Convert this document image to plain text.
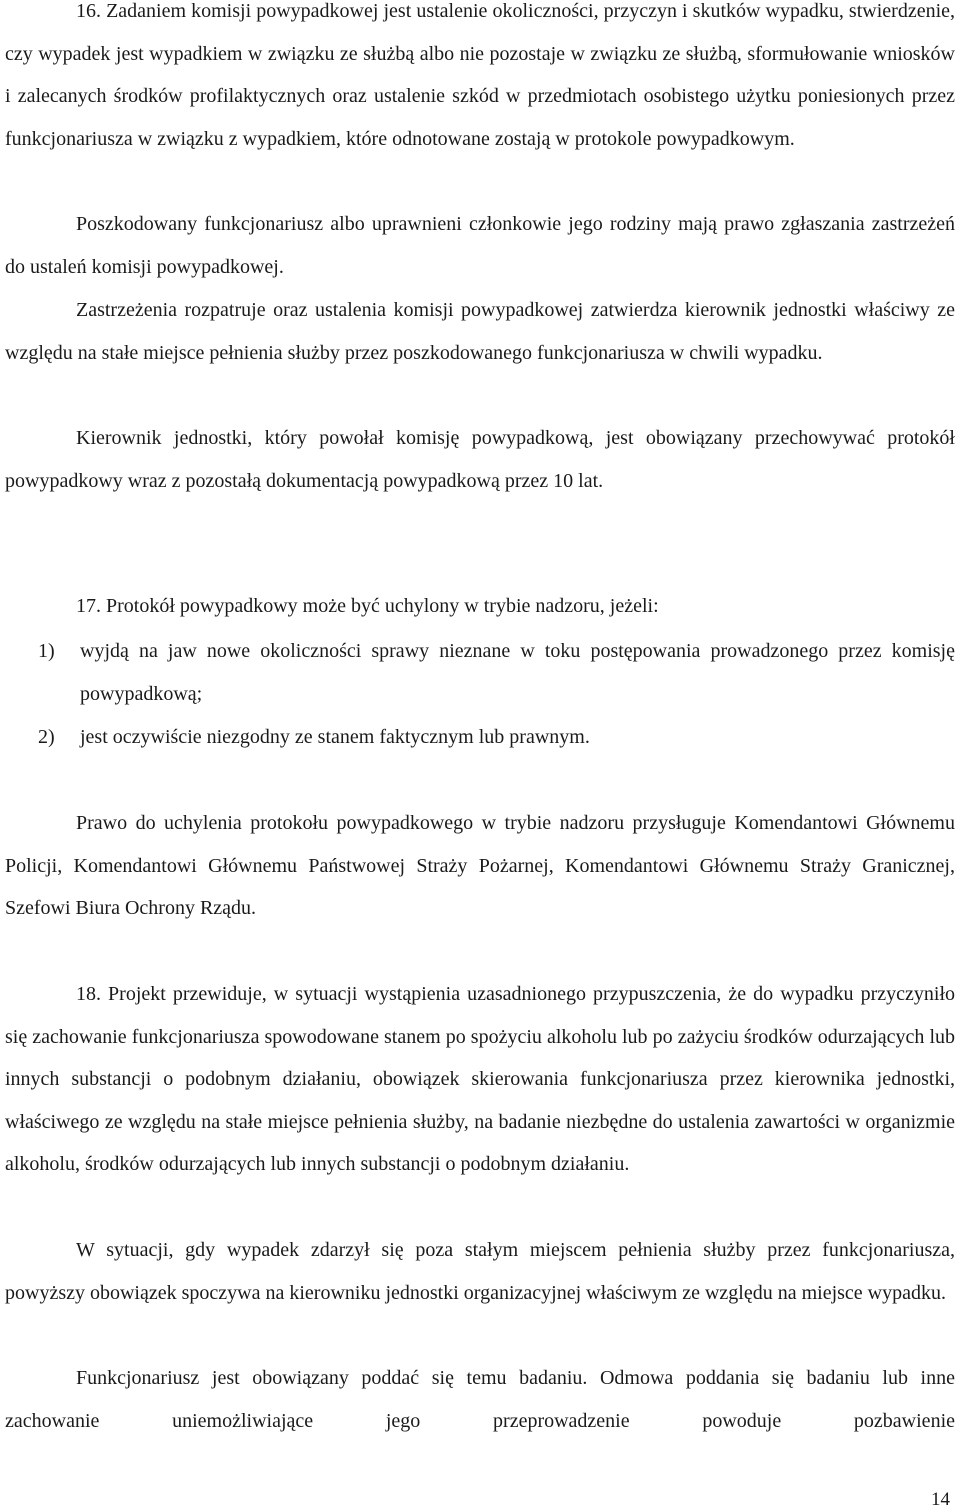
16. Zadaniem komisji powypadkowej jest ustalenie okoliczności, przyczyn i skutków wypadku, stwierdzenie, czy wypadek jest wypadkiem w związku ze służbą albo nie pozostaje w związku ze służbą, sformułowanie wniosków i zalecanych środków profilaktycznych oraz ustalenie szkód w przedmiotach osobistego użytku poniesionych przez funkcjonariusza w związku z wypadkiem, które odnotowane zostają w protokole powypadkowym.

Poszkodowany funkcjonariusz albo uprawnieni członkowie jego rodziny mają prawo zgłaszania zastrzeżeń do ustaleń komisji powypadkowej.

Zastrzeżenia rozpatruje oraz ustalenia komisji powypadkowej zatwierdza kierownik jednostki właściwy ze względu na stałe miejsce pełnienia służby przez poszkodowanego funkcjonariusza w chwili wypadku.

Kierownik jednostki, który powołał komisję powypadkową, jest obowiązany przechowywać protokół powypadkowy wraz z pozostałą dokumentacją powypadkową przez 10 lat.

17. Protokół powypadkowy może być uchylony w trybie nadzoru, jeżeli:

1) wyjdą na jaw nowe okoliczności sprawy nieznane w toku postępowania prowadzonego przez komisję powypadkową;
2) jest oczywiście niezgodny ze stanem faktycznym lub prawnym.

Prawo do uchylenia protokołu powypadkowego w trybie nadzoru przysługuje Komendantowi Głównemu Policji, Komendantowi Głównemu Państwowej Straży Pożarnej, Komendantowi Głównemu Straży Granicznej, Szefowi Biura Ochrony Rządu.

18. Projekt przewiduje, w sytuacji wystąpienia uzasadnionego przypuszczenia, że do wypadku przyczyniło się zachowanie funkcjonariusza spowodowane stanem po spożyciu alkoholu lub po zażyciu środków odurzających lub innych substancji o podobnym działaniu, obowiązek skierowania funkcjonariusza przez kierownika jednostki, właściwego ze względu na stałe miejsce pełnienia służby, na badanie niezbędne do ustalenia zawartości w organizmie alkoholu, środków odurzających lub innych substancji o podobnym działaniu.

W sytuacji, gdy wypadek zdarzył się poza stałym miejscem pełnienia służby przez funkcjonariusza, powyższy obowiązek spoczywa na kierowniku jednostki organizacyjnej właściwym ze względu na miejsce wypadku.

Funkcjonariusz jest obowiązany poddać się temu badaniu. Odmowa poddania się badaniu lub inne zachowanie uniemożliwiające jego przeprowadzenie powoduje pozbawienie

14
